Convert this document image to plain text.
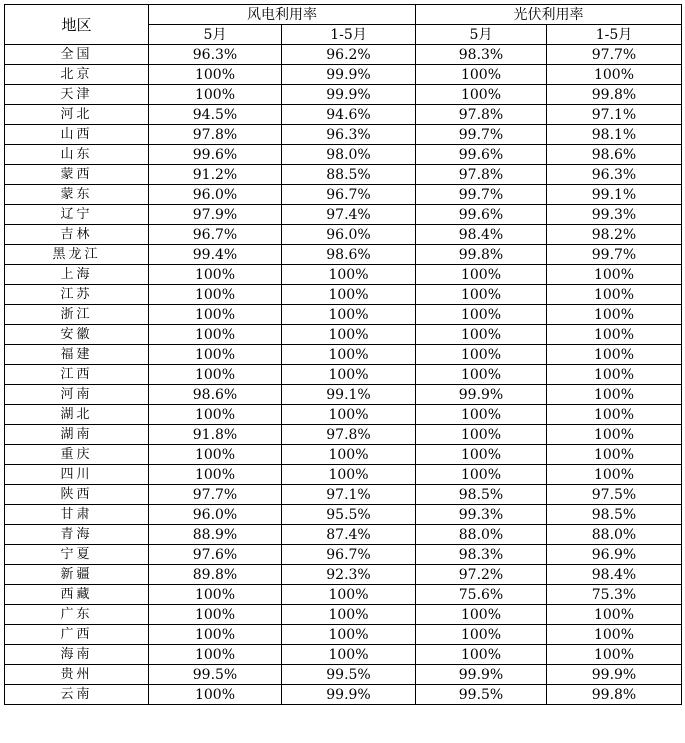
地区	风电利用率		光伏利用率	
	5月	1-5月	5月	1-5月
全国	96.3%	96.2%	98.3%	97.7%
北京	100%	99.9%	100%	100%
天津	100%	99.9%	100%	99.8%
河北	94.5%	94.6%	97.8%	97.1%
山西	97.8%	96.3%	99.7%	98.1%
山东	99.6%	98.0%	99.6%	98.6%
蒙西	91.2%	88.5%	97.8%	96.3%
蒙东	96.0%	96.7%	99.7%	99.1%
辽宁	97.9%	97.4%	99.6%	99.3%
吉林	96.7%	96.0%	98.4%	98.2%
黑龙江	99.4%	98.6%	99.8%	99.7%
上海	100%	100%	100%	100%
江苏	100%	100%	100%	100%
浙江	100%	100%	100%	100%
安徽	100%	100%	100%	100%
福建	100%	100%	100%	100%
江西	100%	100%	100%	100%
河南	98.6%	99.1%	99.9%	100%
湖北	100%	100%	100%	100%
湖南	91.8%	97.8%	100%	100%
重庆	100%	100%	100%	100%
四川	100%	100%	100%	100%
陕西	97.7%	97.1%	98.5%	97.5%
甘肃	96.0%	95.5%	99.3%	98.5%
青海	88.9%	87.4%	88.0%	88.0%
宁夏	97.6%	96.7%	98.3%	96.9%
新疆	89.8%	92.3%	97.2%	98.4%
西藏	100%	100%	75.6%	75.3%
广东	100%	100%	100%	100%
广西	100%	100%	100%	100%
海南	100%	100%	100%	100%
贵州	99.5%	99.5%	99.9%	99.9%
云南	100%	99.9%	99.5%	99.8%
